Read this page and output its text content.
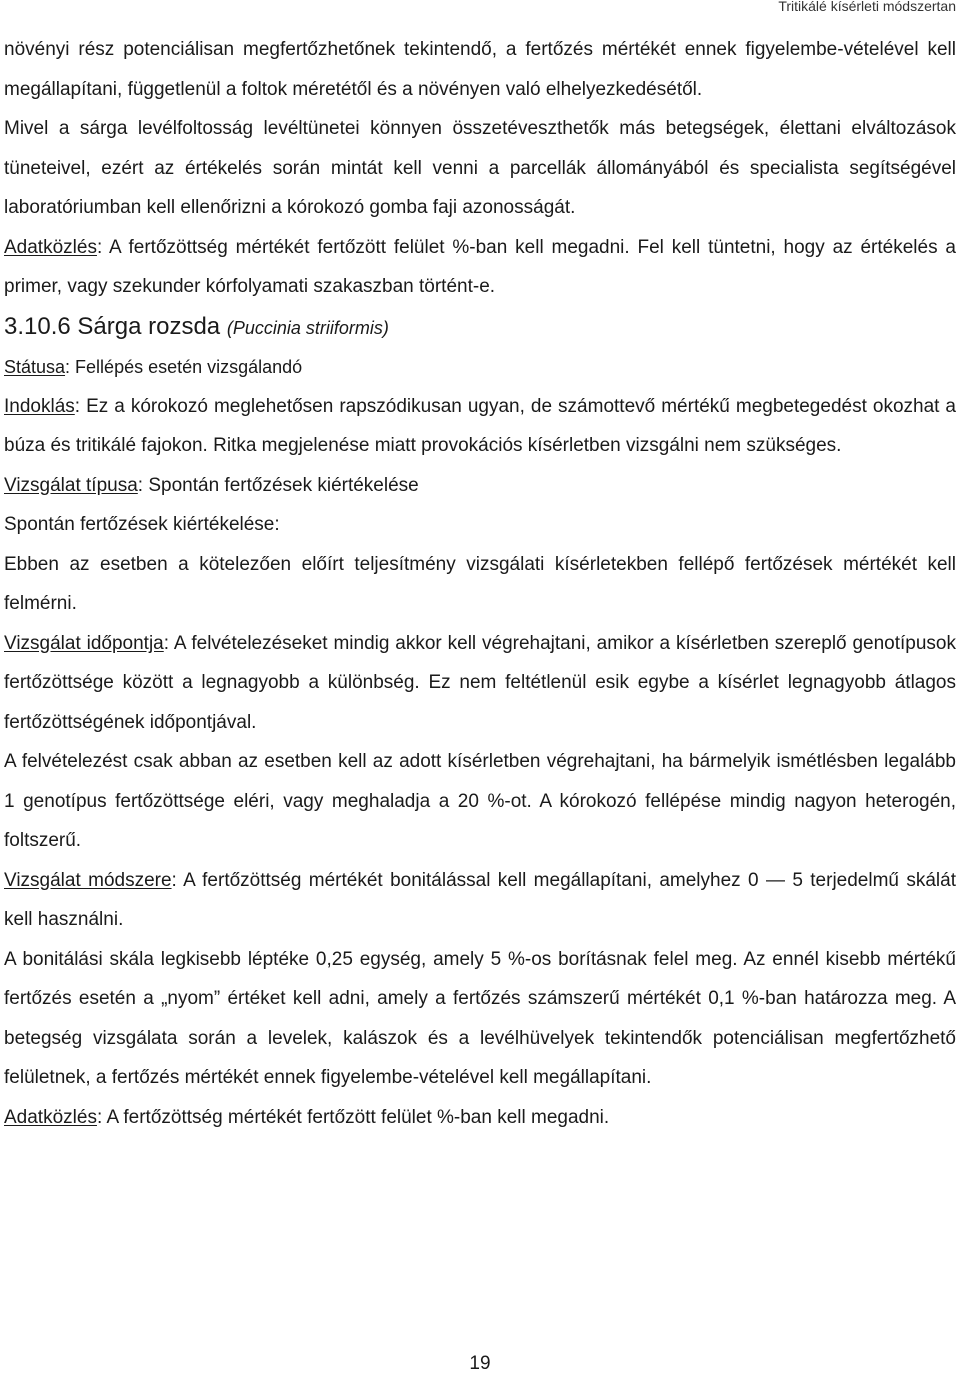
Tritikálé kísérleti módszertan

növényi rész potenciálisan megfertőzhetőnek tekintendő, a fertőzés mértékét ennek figyelembe-vételével kell megállapítani, függetlenül a foltok méretétől és a növényen való elhelyezkedésétől.

Mivel a sárga levélfoltosság levéltünetei könnyen összetéveszthetők más betegségek, élettani elváltozások tüneteivel, ezért az értékelés során mintát kell venni a parcellák állományából és specialista segítségével laboratóriumban kell ellenőrizni a kórokozó gomba faji azonosságát.

Adatközlés: A fertőzöttség mértékét fertőzött felület %-ban kell megadni. Fel kell tüntetni, hogy az értékelés a primer, vagy szekunder kórfolyamati szakaszban történt-e.

3.10.6 Sárga rozsda (Puccinia striiformis)

Státusa: Fellépés esetén vizsgálandó

Indoklás: Ez a kórokozó meglehetősen rapszódikusan ugyan, de számottevő mértékű megbetegedést okozhat a búza és tritikálé fajokon. Ritka megjelenése miatt provokációs kísérletben vizsgálni nem szükséges.

Vizsgálat típusa: Spontán fertőzések kiértékelése

Spontán fertőzések kiértékelése:

Ebben az esetben a kötelezően előírt teljesítmény vizsgálati kísérletekben fellépő fertőzések mértékét kell felmérni.

Vizsgálat időpontja: A felvételezéseket mindig akkor kell végrehajtani, amikor a kísérletben szereplő genotípusok fertőzöttsége között a legnagyobb a különbség. Ez nem feltétlenül esik egybe a kísérlet legnagyobb átlagos fertőzöttségének időpontjával.

A felvételezést csak abban az esetben kell az adott kísérletben végrehajtani, ha bármelyik ismétlésben legalább 1 genotípus fertőzöttsége eléri, vagy meghaladja a 20 %-ot. A kórokozó fellépése mindig nagyon heterogén, foltszerű.

Vizsgálat módszere: A fertőzöttség mértékét bonitálással kell megállapítani, amelyhez 0 — 5 terjedelmű skálát kell használni.

A bonitálási skála legkisebb léptéke 0,25 egység, amely 5 %-os borításnak felel meg. Az ennél kisebb mértékű fertőzés esetén a „nyom” értéket kell adni, amely a fertőzés számszerű mértékét 0,1 %-ban határozza meg. A betegség vizsgálata során a levelek, kalászok és a levélhüvelyek tekintendők potenciálisan megfertőzhető felületnek, a fertőzés mértékét ennek figyelembe-vételével kell megállapítani.

Adatközlés: A fertőzöttség mértékét fertőzött felület %-ban kell megadni.

19
